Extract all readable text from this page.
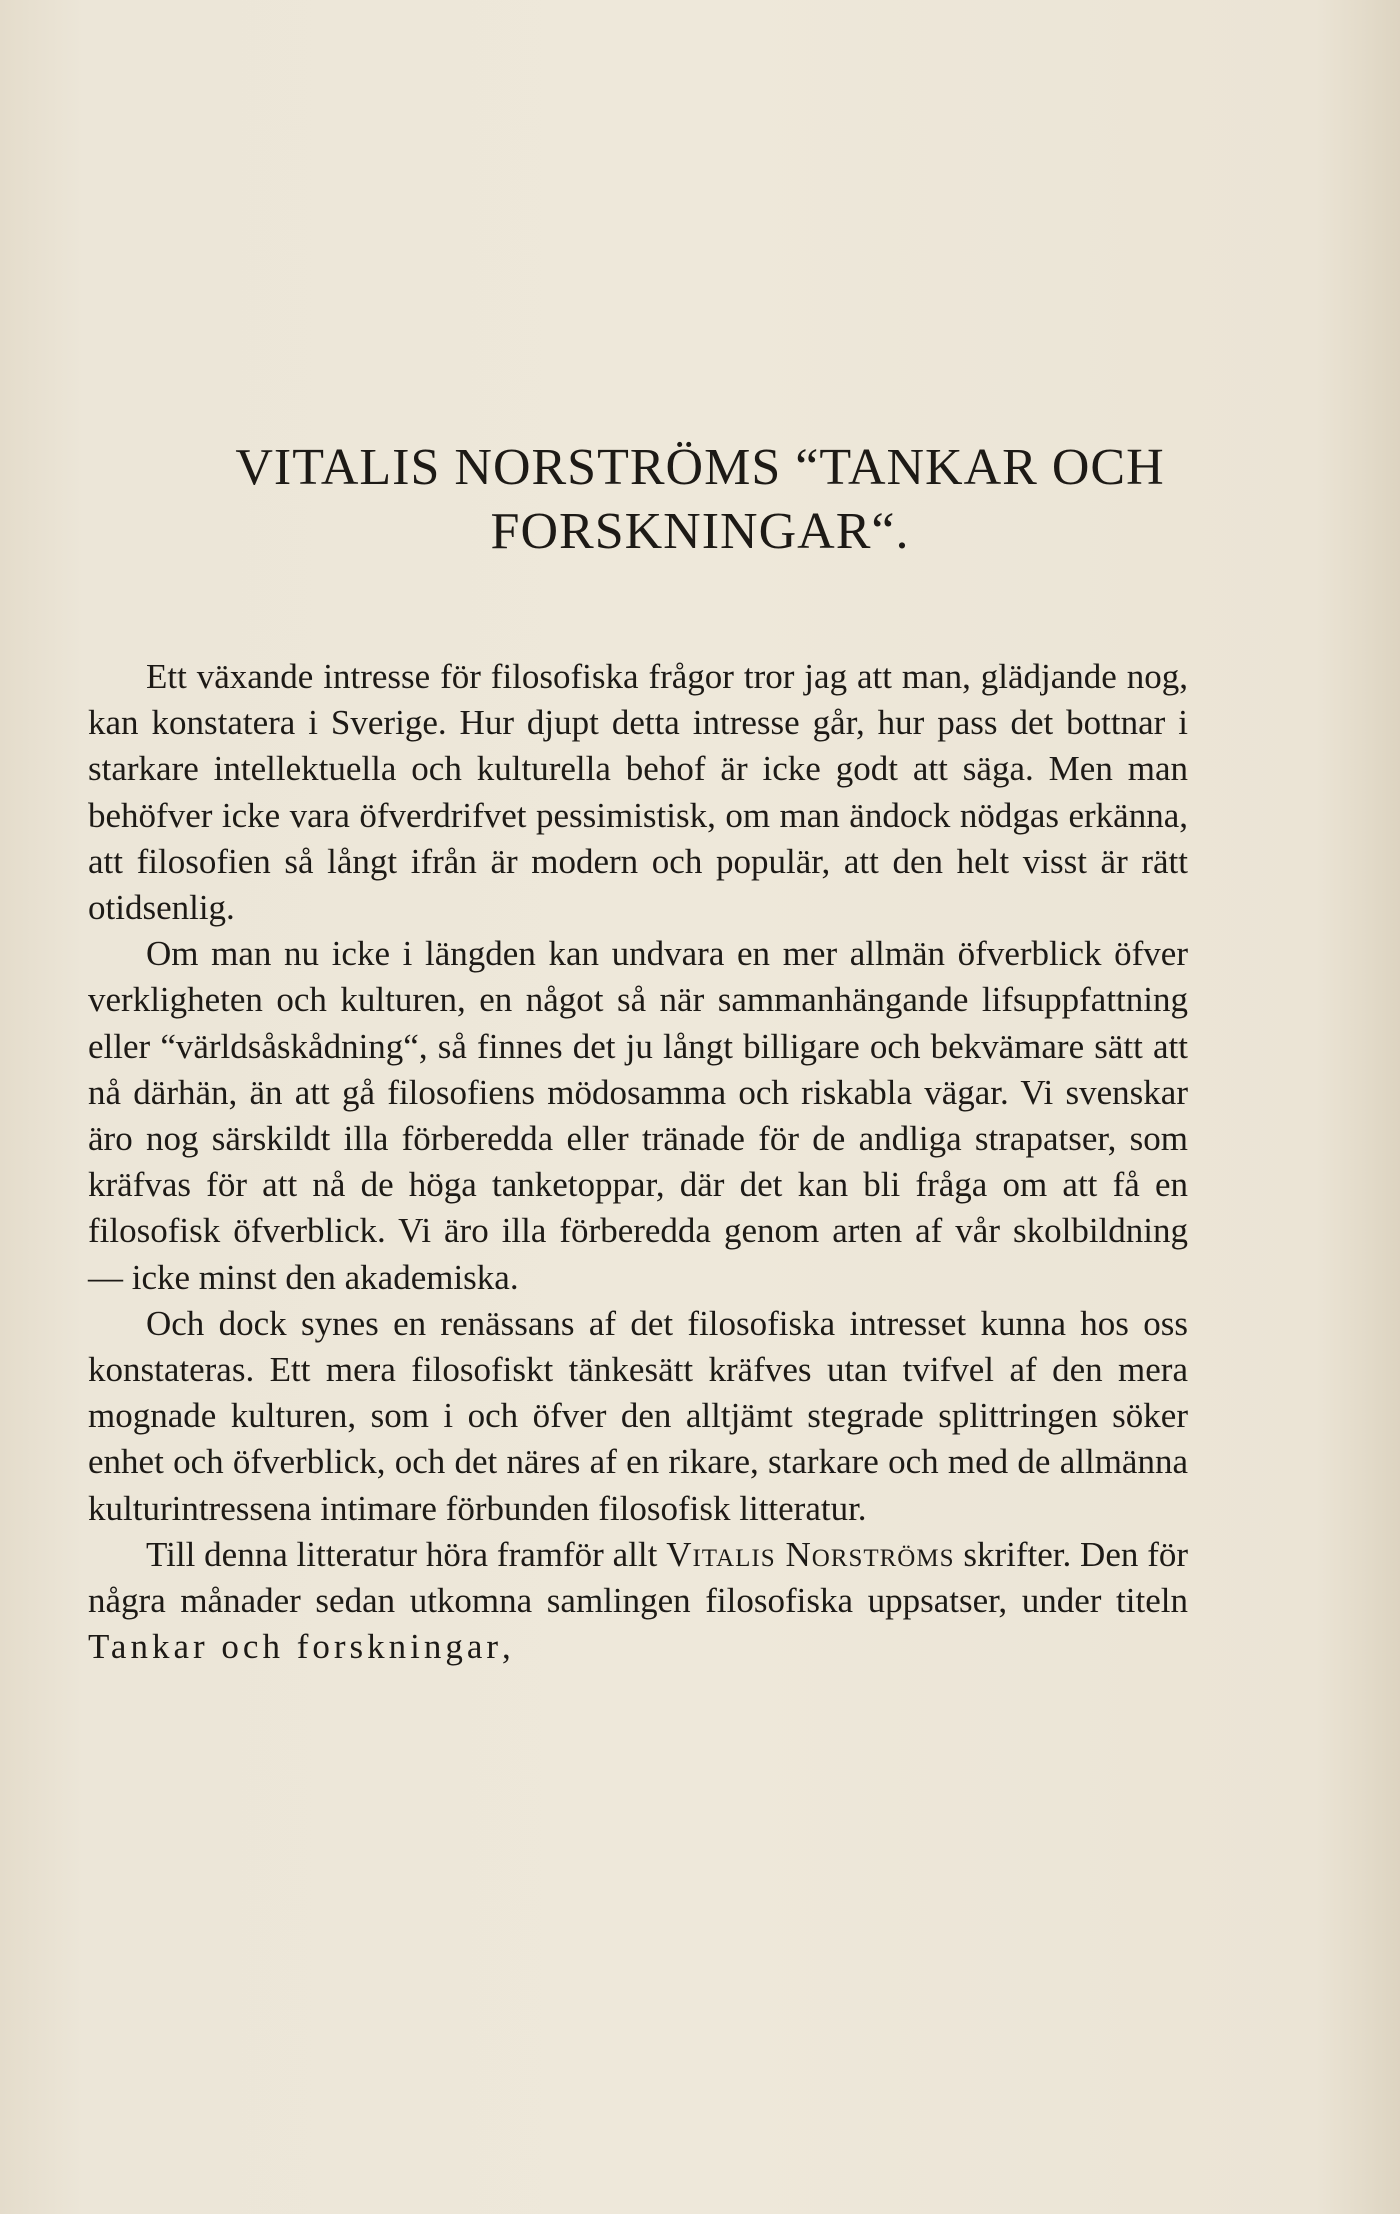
VITALIS NORSTRÖMS “TANKAR OCH
FORSKNINGAR“.

Ett växande intresse för filosofiska frågor tror jag att man, glädjande nog, kan konstatera i Sverige. Hur djupt detta intresse går, hur pass det bottnar i starkare intellektuella och kulturella behof är icke godt att säga. Men man behöfver icke vara öfverdrifvet pessimistisk, om man ändock nödgas erkänna, att filosofien så långt ifrån är modern och populär, att den helt visst är rätt otidsenlig.

Om man nu icke i längden kan undvara en mer allmän öfverblick öfver verkligheten och kulturen, en något så när sammanhängande lifsuppfattning eller “världsåskådning“, så finnes det ju långt billigare och bekvämare sätt att nå därhän, än att gå filosofiens mödosamma och riskabla vägar. Vi svenskar äro nog särskildt illa förberedda eller tränade för de andliga strapatser, som kräfvas för att nå de höga tanketoppar, där det kan bli fråga om att få en filosofisk öfverblick. Vi äro illa förberedda genom arten af vår skolbildning — icke minst den akademiska.

Och dock synes en renässans af det filosofiska intresset kunna hos oss konstateras. Ett mera filosofiskt tänkesätt kräfves utan tvifvel af den mera mognade kulturen, som i och öfver den alltjämt stegrade splittringen söker enhet och öfverblick, och det näres af en rikare, starkare och med de allmänna kulturintressena intimare förbunden filosofisk litteratur.

Till denna litteratur höra framför allt Vitalis Norströms skrifter. Den för några månader sedan utkomna samlingen filosofiska uppsatser, under titeln Tankar och forskningar,
